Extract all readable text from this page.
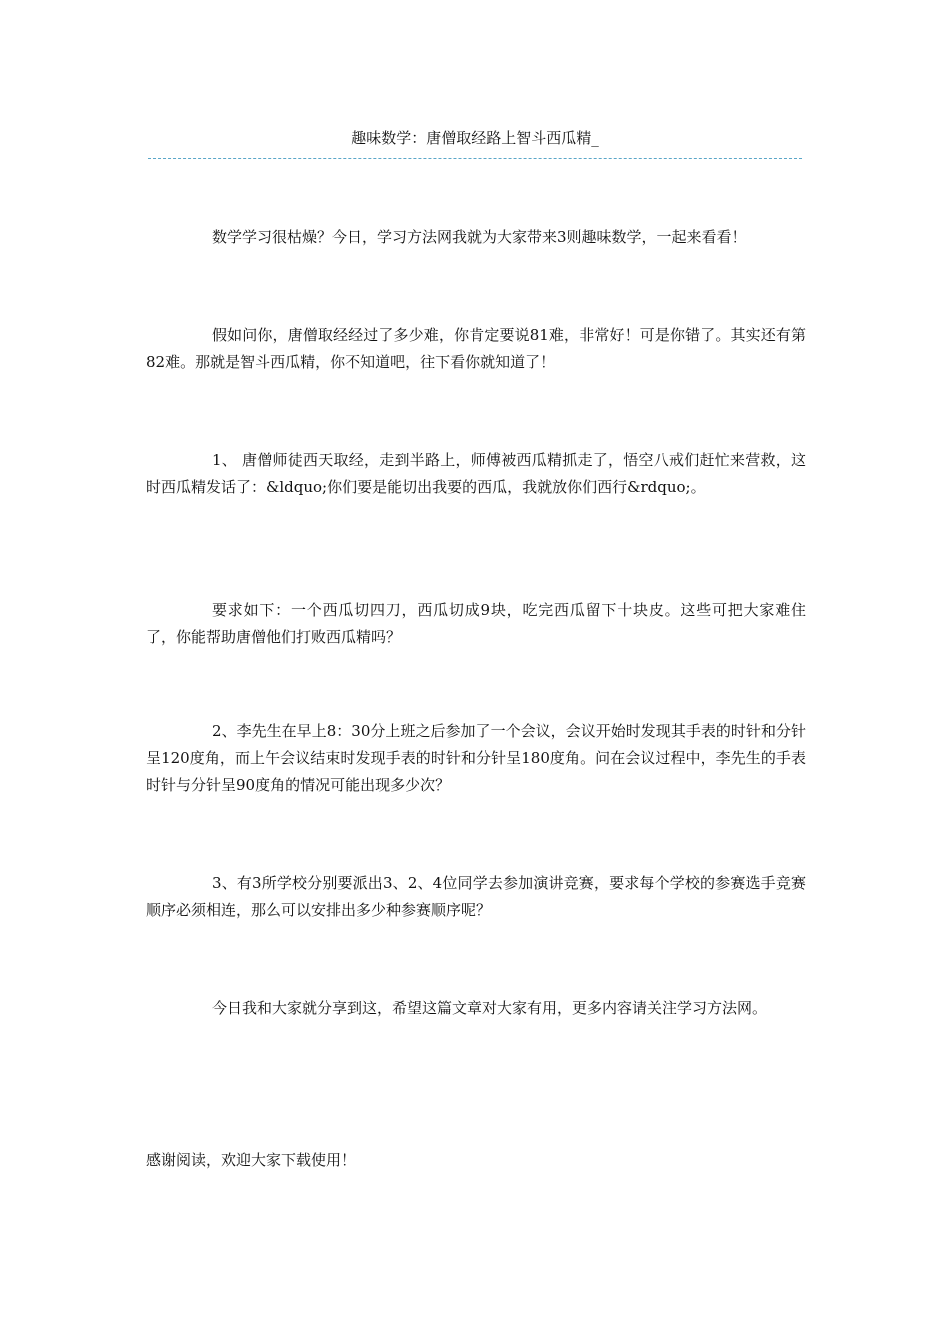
趣味数学：唐僧取经路上智斗西瓜精_

数学学习很枯燥？今日，学习方法网我就为大家带来3则趣味数学，一起来看看！

假如问你，唐僧取经经过了多少难，你肯定要说81难，非常好！可是你错了。其实还有第82难。那就是智斗西瓜精，你不知道吧，往下看你就知道了！

1、 唐僧师徒西天取经，走到半路上，师傅被西瓜精抓走了，悟空八戒们赶忙来营救，这时西瓜精发话了：&ldquo;你们要是能切出我要的西瓜，我就放你们西行&rdquo;。

要求如下：一个西瓜切四刀，西瓜切成9块，吃完西瓜留下十块皮。这些可把大家难住了，你能帮助唐僧他们打败西瓜精吗？

2、李先生在早上8：30分上班之后参加了一个会议，会议开始时发现其手表的时针和分针呈120度角，而上午会议结束时发现手表的时针和分针呈180度角。问在会议过程中，李先生的手表时针与分针呈90度角的情况可能出现多少次？

3、有3所学校分别要派出3、2、4位同学去参加演讲竞赛，要求每个学校的参赛选手竞赛顺序必须相连，那么可以安排出多少种参赛顺序呢？

今日我和大家就分享到这，希望这篇文章对大家有用，更多内容请关注学习方法网。

感谢阅读，欢迎大家下载使用！
